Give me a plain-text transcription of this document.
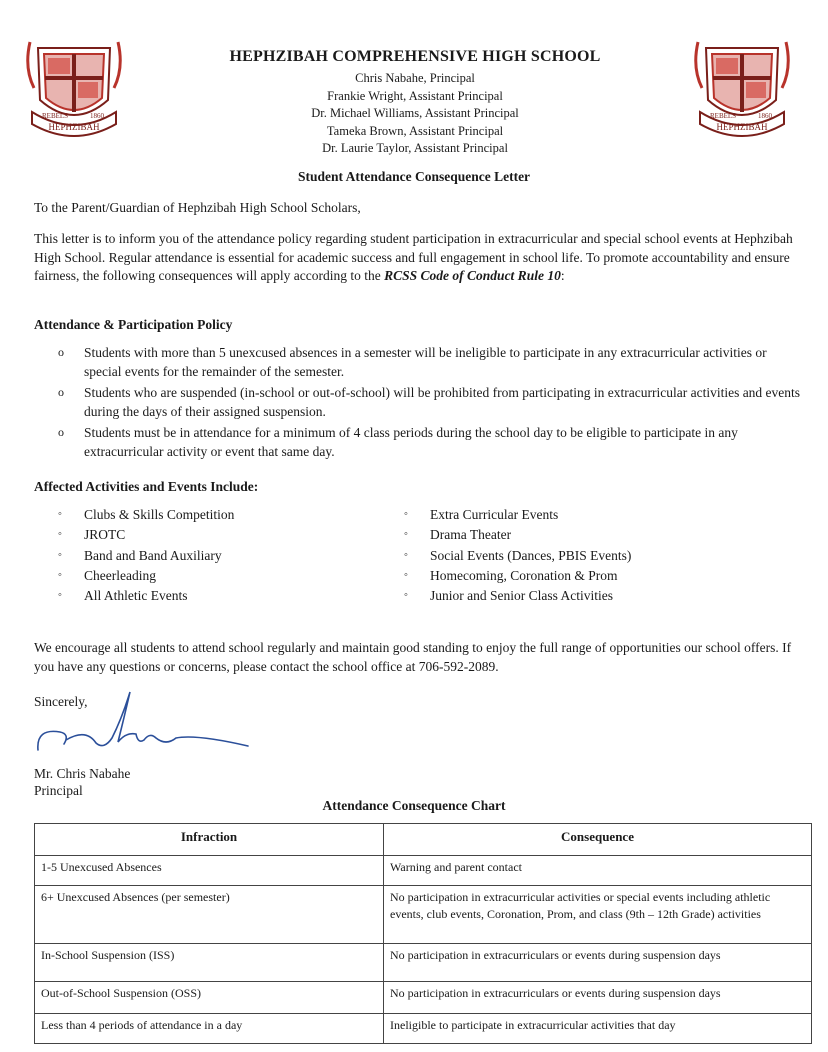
HEPHZIBAH
REBELS	1860
HEPHZIBAH
REBELS	1860
HEPHZIBAH COMPREHENSIVE HIGH SCHOOL
Chris Nabahe, Principal
Frankie Wright, Assistant Principal
Dr. Michael Williams, Assistant Principal
Tameka Brown, Assistant Principal
Dr. Laurie Taylor, Assistant Principal
Student Attendance Consequence Letter
To the Parent/Guardian of Hephzibah High School Scholars,
This letter is to inform you of the attendance policy regarding student participation in extracurricular and special school events at Hephzibah High School. Regular attendance is essential for academic success and full engagement in school life. To promote accountability and ensure fairness, the following consequences will apply according to the RCSS Code of Conduct Rule 10:
Attendance & Participation Policy
o Students with more than 5 unexcused absences in a semester will be ineligible to participate in any extracurricular activities or special events for the remainder of the semester.
o Students who are suspended (in-school or out-of-school) will be prohibited from participating in extracurricular activities and events during the days of their assigned suspension.
o Students must be in attendance for a minimum of 4 class periods during the school day to be eligible to participate in any extracurricular activity or event that same day.
Affected Activities and Events Include:
◦ Clubs & Skills Competition
◦ JROTC
◦ Band and Band Auxiliary
◦ Cheerleading
◦ All Athletic Events
◦ Extra Curricular Events
◦ Drama Theater
◦ Social Events (Dances, PBIS Events)
◦ Homecoming, Coronation & Prom
◦ Junior and Senior Class Activities
We encourage all students to attend school regularly and maintain good standing to enjoy the full range of opportunities our school offers. If you have any questions or concerns, please contact the school office at 706-592-2089.
Sincerely,
Mr. Chris Nabahe
Principal
Attendance Consequence Chart
Infraction	Consequence
1-5 Unexcused Absences	Warning and parent contact
6+ Unexcused Absences (per semester)	No participation in extracurricular activities or special events including athletic events, club events, Coronation, Prom, and class (9th – 12th Grade) activities
In-School Suspension (ISS)	No participation in extracurriculars or events during suspension days
Out-of-School Suspension (OSS)	No participation in extracurriculars or events during suspension days
Less than 4 periods of attendance in a day	Ineligible to participate in extracurricular activities that day
